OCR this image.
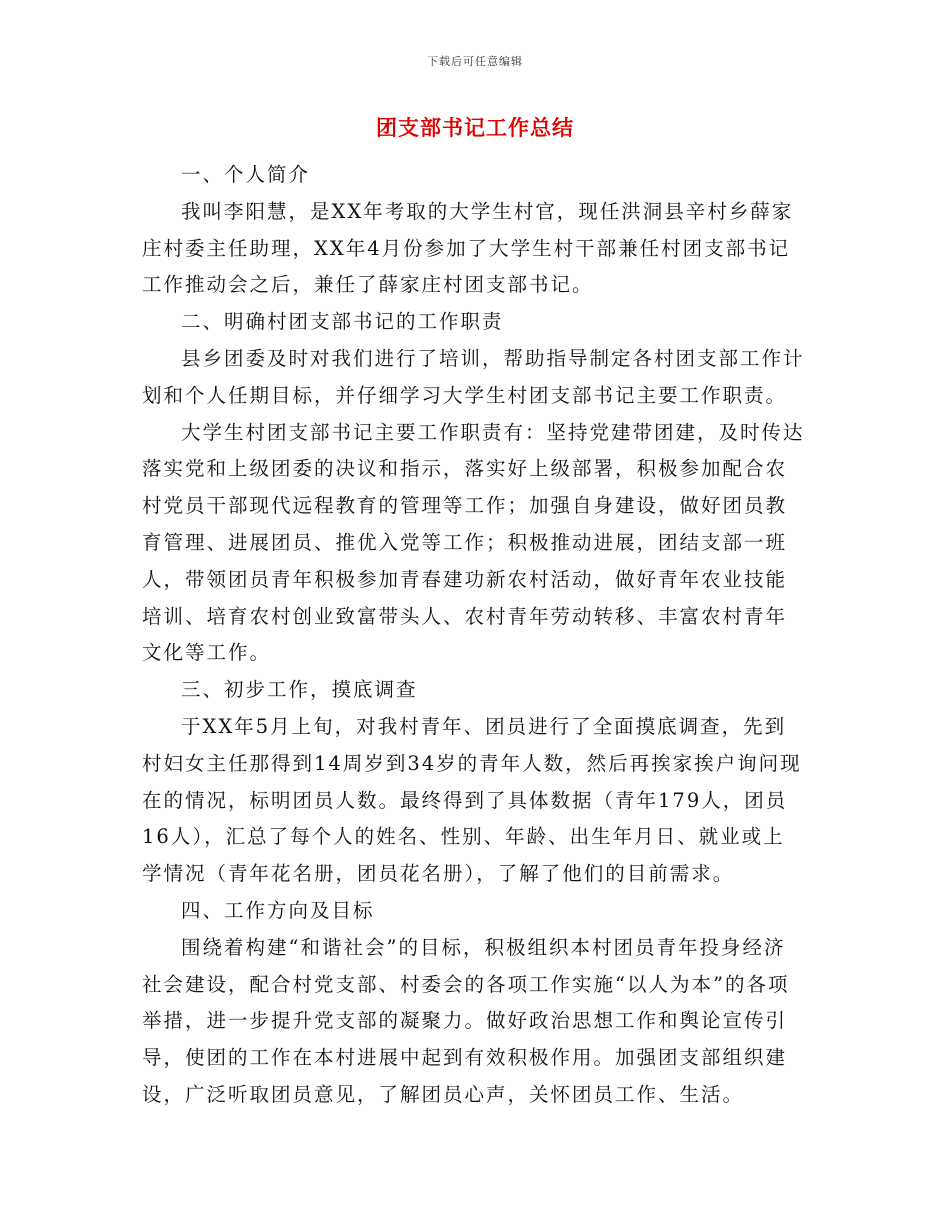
下载后可任意编辑
团支部书记工作总结

一、个人简介

我叫李阳慧，是XX年考取的大学生村官，现任洪洞县辛村乡薛家庄村委主任助理，XX年4月份参加了大学生村干部兼任村团支部书记工作推动会之后，兼任了薛家庄村团支部书记。

二、明确村团支部书记的工作职责

县乡团委及时对我们进行了培训，帮助指导制定各村团支部工作计划和个人任期目标，并仔细学习大学生村团支部书记主要工作职责。

大学生村团支部书记主要工作职责有：坚持党建带团建，及时传达落实党和上级团委的决议和指示，落实好上级部署，积极参加配合农村党员干部现代远程教育的管理等工作；加强自身建设，做好团员教育管理、进展团员、推优入党等工作；积极推动进展，团结支部一班人，带领团员青年积极参加青春建功新农村活动，做好青年农业技能培训、培育农村创业致富带头人、农村青年劳动转移、丰富农村青年文化等工作。

三、初步工作，摸底调查

于XX年5月上旬，对我村青年、团员进行了全面摸底调查，先到村妇女主任那得到14周岁到34岁的青年人数，然后再挨家挨户询问现在的情况，标明团员人数。最终得到了具体数据（青年179人，团员16人），汇总了每个人的姓名、性别、年龄、出生年月日、就业或上学情况（青年花名册，团员花名册），了解了他们的目前需求。

四、工作方向及目标

围绕着构建“和谐社会”的目标，积极组织本村团员青年投身经济社会建设，配合村党支部、村委会的各项工作实施“以人为本”的各项举措，进一步提升党支部的凝聚力。做好政治思想工作和舆论宣传引导，使团的工作在本村进展中起到有效积极作用。加强团支部组织建设，广泛听取团员意见，了解团员心声，关怀团员工作、生活。
